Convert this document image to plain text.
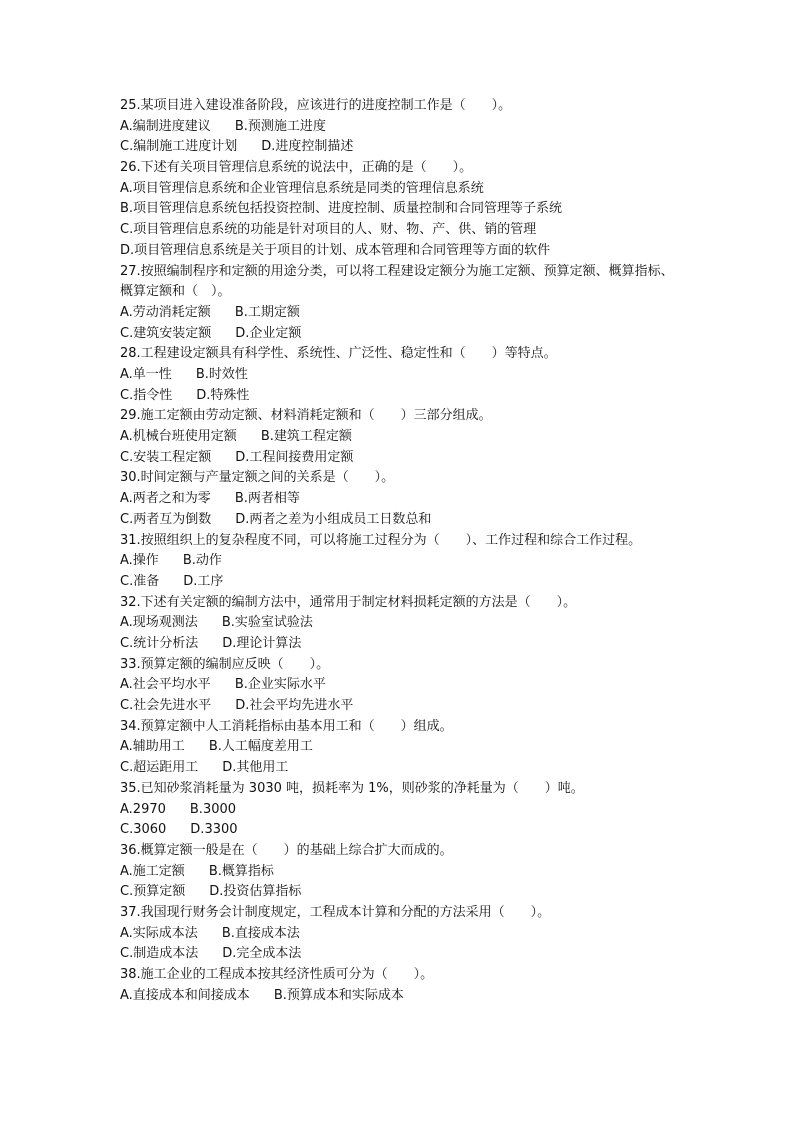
25.某项目进入建设准备阶段，应该进行的进度控制工作是（　　）。
A.编制进度建议 B.预测施工进度
C.编制施工进度计划 D.进度控制描述
26.下述有关项目管理信息系统的说法中，正确的是（　　）。
A.项目管理信息系统和企业管理信息系统是同类的管理信息系统
B.项目管理信息系统包括投资控制、进度控制、质量控制和合同管理等子系统
C.项目管理信息系统的功能是针对项目的人、财、物、产、供、销的管理
D.项目管理信息系统是关于项目的计划、成本管理和合同管理等方面的软件
27.按照编制程序和定额的用途分类，可以将工程建设定额分为施工定额、预算定额、概算指标、概算定额和（　）。
A.劳动消耗定额 B.工期定额
C.建筑安装定额 D.企业定额
28.工程建设定额具有科学性、系统性、广泛性、稳定性和（　　）等特点。
A.单一性 B.时效性
C.指令性 D.特殊性
29.施工定额由劳动定额、材料消耗定额和（　　）三部分组成。
A.机械台班使用定额 B.建筑工程定额
C.安装工程定额 D.工程间接费用定额
30.时间定额与产量定额之间的关系是（　　）。
A.两者之和为零 B.两者相等
C.两者互为倒数 D.两者之差为小组成员工日数总和
31.按照组织上的复杂程度不同，可以将施工过程分为（　　）、工作过程和综合工作过程。
A.操作 B.动作
C.准备 D.工序
32.下述有关定额的编制方法中，通常用于制定材料损耗定额的方法是（　　）。
A.现场观测法 B.实验室试验法
C.统计分析法 D.理论计算法
33.预算定额的编制应反映（　　）。
A.社会平均水平 B.企业实际水平
C.社会先进水平 D.社会平均先进水平
34.预算定额中人工消耗指标由基本用工和（　　）组成。
A.辅助用工 B.人工幅度差用工
C.超运距用工 D.其他用工
35.已知砂浆消耗量为 3030 吨，损耗率为 1%，则砂浆的净耗量为（　　）吨。
A.2970 B.3000
C.3060 D.3300
36.概算定额一般是在（　　）的基础上综合扩大而成的。
A.施工定额 B.概算指标
C.预算定额 D.投资估算指标
37.我国现行财务会计制度规定，工程成本计算和分配的方法采用（　　）。
A.实际成本法 B.直接成本法
C.制造成本法 D.完全成本法
38.施工企业的工程成本按其经济性质可分为（　　）。
A.直接成本和间接成本 B.预算成本和实际成本
